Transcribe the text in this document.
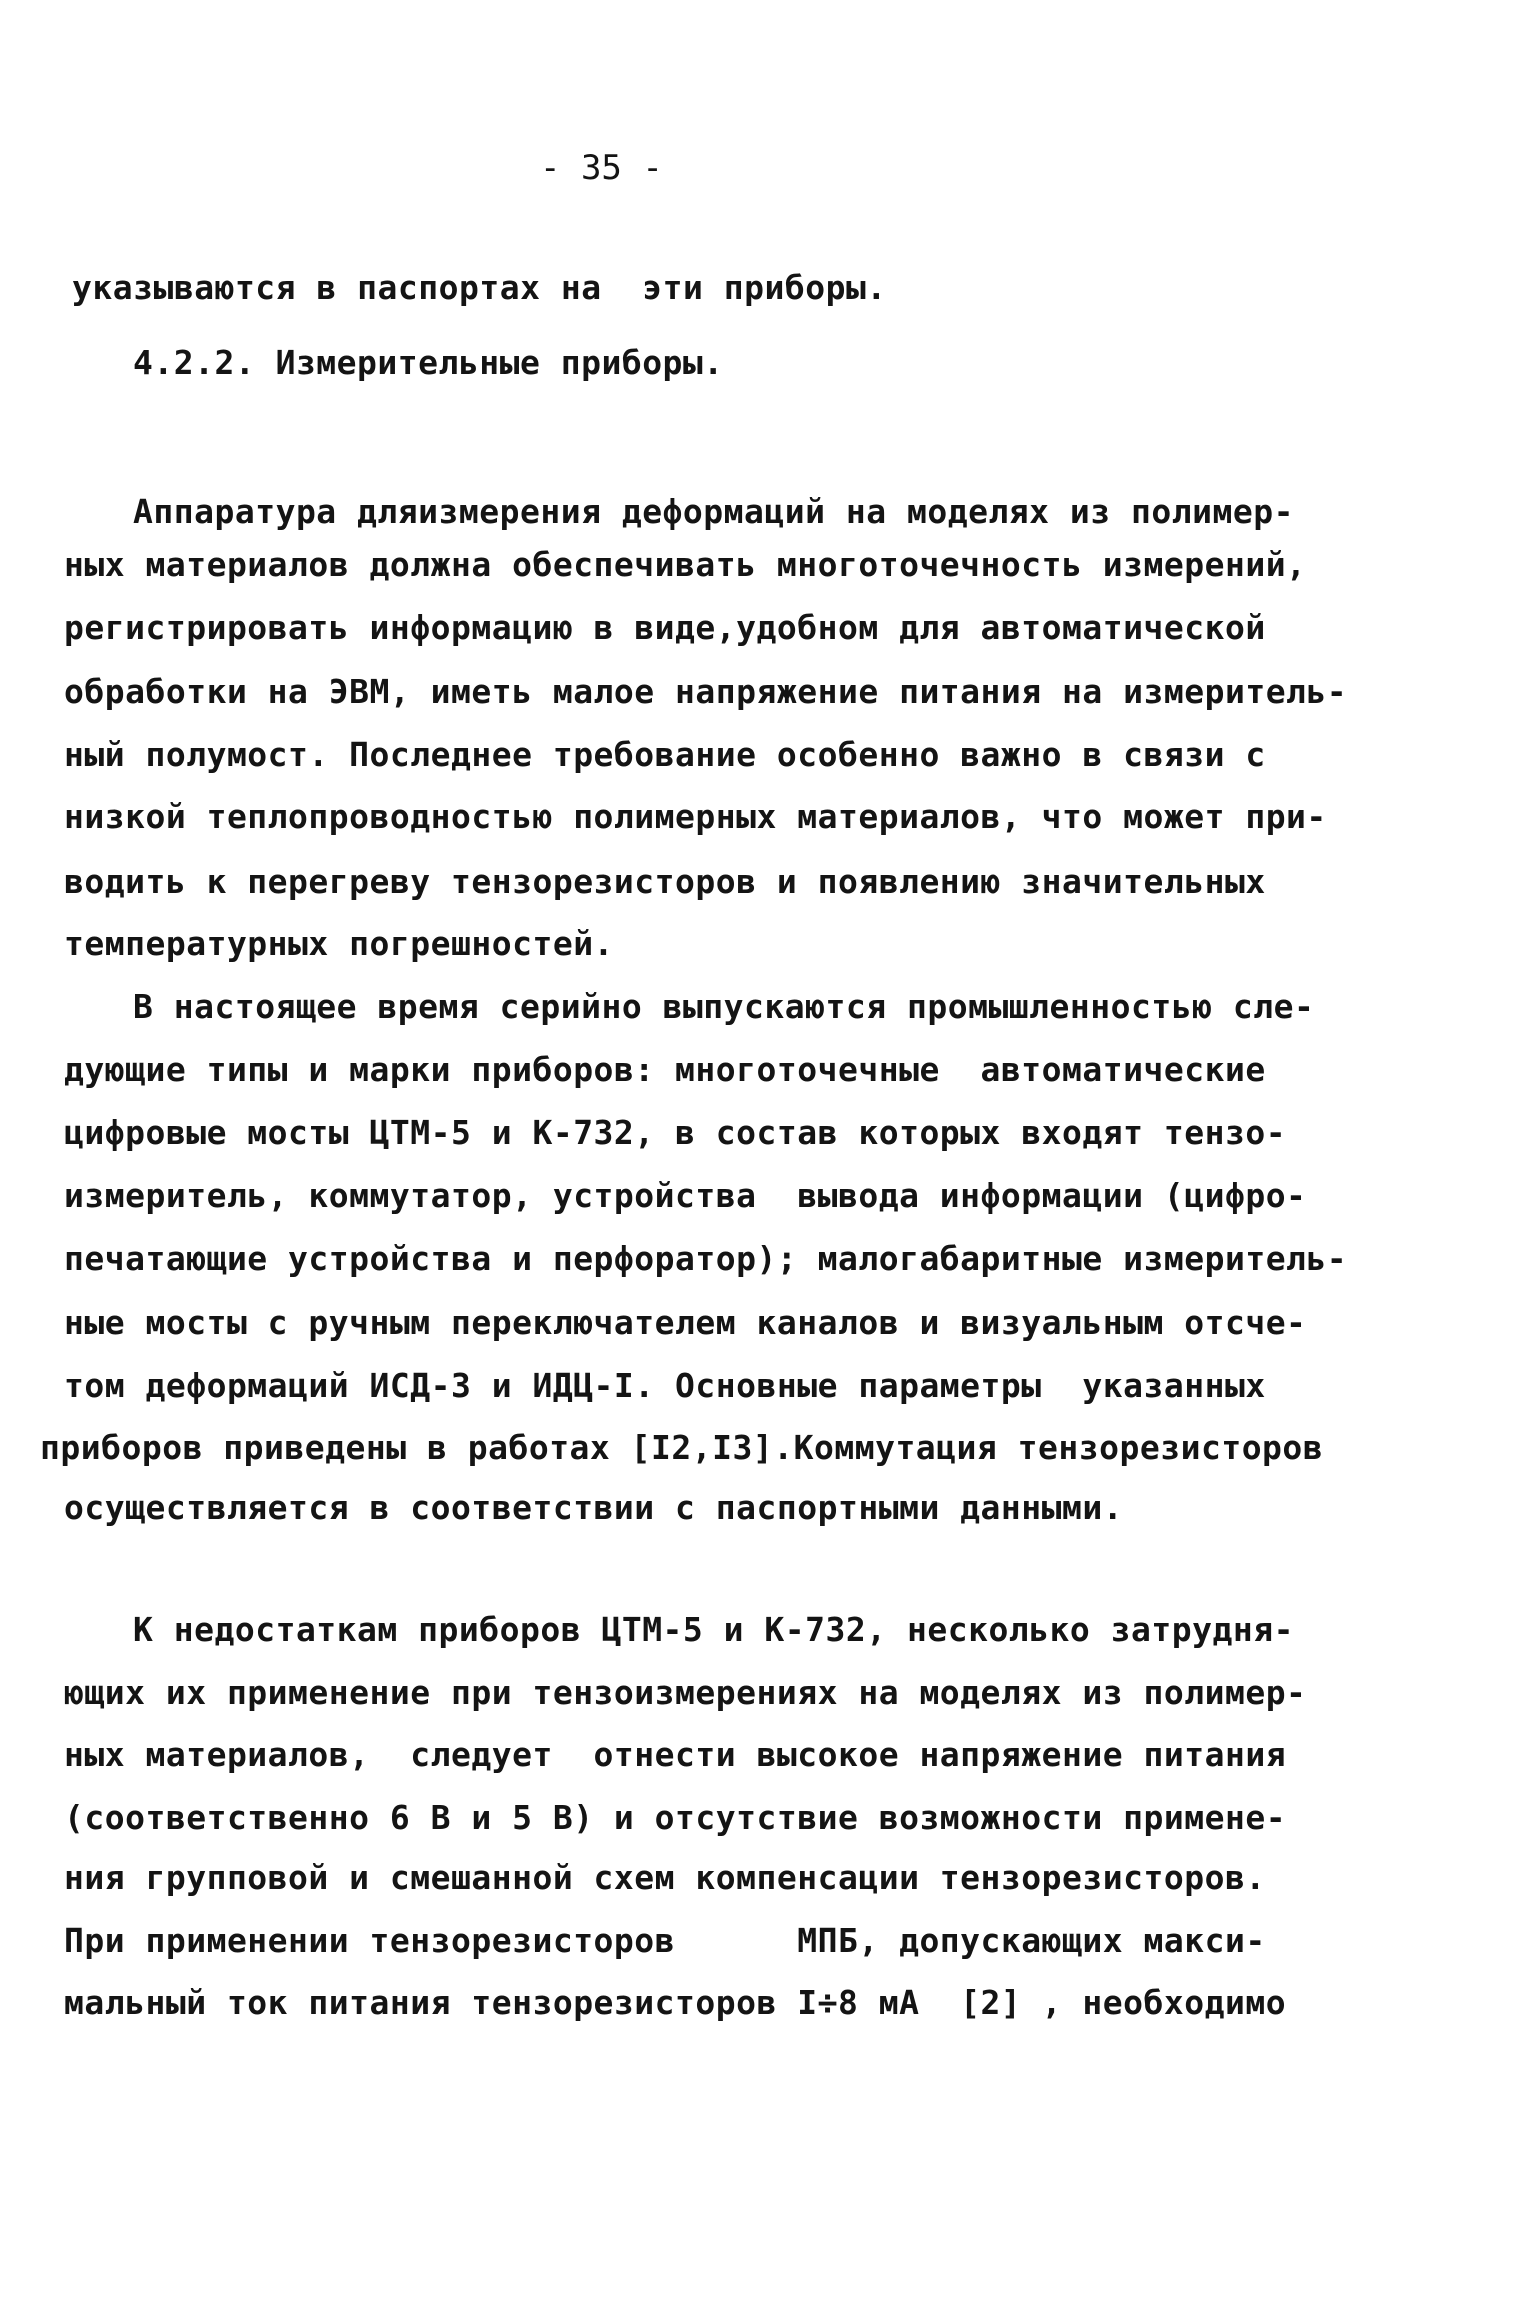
- 35 -
указываются в паспортах на  эти приборы.
4.2.2. Измерительные приборы.
Аппаратура дляизмерения деформаций на моделях из полимер-
ных материалов должна обеспечивать многоточечность измерений,
регистрировать информацию в виде,удобном для автоматической
обработки на ЭВМ, иметь малое напряжение питания на измеритель-
ный полумост. Последнее требование особенно важно в связи с
низкой теплопроводностью полимерных материалов, что может при-
водить к перегреву тензорезисторов и появлению значительных
температурных погрешностей.
В настоящее время серийно выпускаются промышленностью сле-
дующие типы и марки приборов: многоточечные  автоматические
цифровые мосты ЦТМ-5 и К-732, в состав которых входят тензо-
измеритель, коммутатор, устройства  вывода информации (цифро-
печатающие устройства и перфоратор); малогабаритные измеритель-
ные мосты с ручным переключателем каналов и визуальным отсче-
том деформаций ИСД-3 и ИДЦ-I. Основные параметры  указанных
приборов приведены в работах [I2,I3].Коммутация тензорезисторов
осуществляется в соответствии с паспортными данными.
К недостаткам приборов ЦТМ-5 и К-732, несколько затрудня-
ющих их применение при тензоизмерениях на моделях из полимер-
ных материалов,  следует  отнести высокое напряжение питания
(соответственно 6 В и 5 В) и отсутствие возможности примене-
ния групповой и смешанной схем компенсации тензорезисторов.
При применении тензорезисторов      МПБ, допускающих макси-
мальный ток питания тензорезисторов I÷8 мА  [2] , необходимо
